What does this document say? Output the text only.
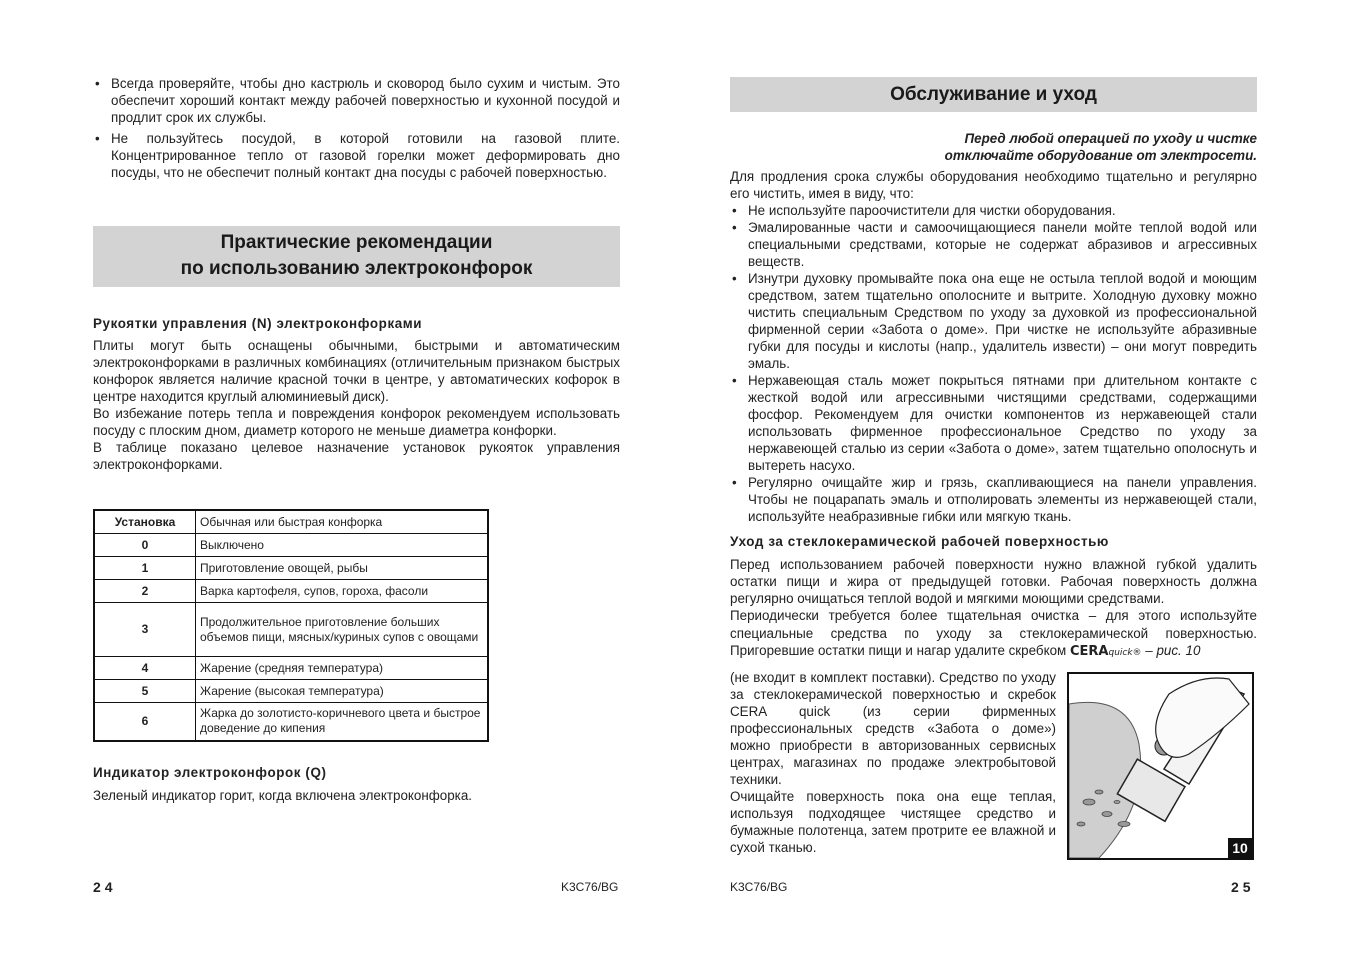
• Всегда проверяйте, чтобы дно кастрюль и сковород было сухим и чистым. Это обеспечит хороший контакт между рабочей поверхностью и кухонной посудой и продлит срок их службы.
• Не пользуйтесь посудой, в которой готовили на газовой плите. Концентрированное тепло от газовой горелки может деформировать дно посуды, что не обеспечит полный контакт дна посуды с рабочей поверхностью.
Практические рекомендации
по использованию электроконфорок
Рукоятки управления (N) электроконфорками

Плиты могут быть оснащены обычными, быстрыми и автоматическим электроконфорками в различных комбинациях (отличительным признаком быстрых конфорок является наличие красной точки в центре, у автоматических кофорок в центре находится круглый алюминиевый диск).

Во избежание потерь тепла и повреждения конфорок рекомендуем использовать посуду с плоским дном, диаметр которого не меньше диаметра конфорки.

В таблице показано целевое назначение установок рукояток управления электроконфорками.

Установка	Обычная или быстрая конфорка
0	Выключено
1	Приготовление овощей, рыбы
2	Варка картофеля, супов, гороха, фасоли
3	Продолжительное приготовление больших объемов пищи, мясных/куриных супов с овощами
4	Жарение (средняя температура)
5	Жарение (высокая температура)
6	Жарка до золотисто-коричневого цвета и быстрое доведение до кипения
Индикатор электроконфорок (Q)

Зеленый индикатор горит, когда включена электроконфорка.

24	K3C76/BG
Обслуживание и уход
Перед любой операцией по уходу и чистке
отключайте оборудование от электросети.

Для продления срока службы оборудования необходимо тщательно и регулярно его чистить, имея в виду, что:

• Не используйте пароочистители для чистки оборудования.
• Эмалированные части и самоочищающиеся панели мойте теплой водой или специальными средствами, которые не содержат абразивов и агрессивных веществ.
• Изнутри духовку промывайте пока она еще не остыла теплой водой и моющим средством, затем тщательно ополосните и вытрите. Холодную духовку можно чистить специальным Средством по уходу за духовкой из профессиональной фирменной серии «Забота о доме». При чистке не используйте абразивные губки для посуды и кислоты (напр., удалитель извести) – они могут повредить эмаль.
• Нержавеющая сталь может покрыться пятнами при длительном контакте с жесткой водой или агрессивными чистящими средствами, содержащими фосфор. Рекомендуем для очистки компонентов из нержавеющей стали использовать фирменное профессиональное Средство по уходу за нержавеющей сталью из серии «Забота о доме», затем тщательно ополоснуть и вытереть насухо.
• Регулярно очищайте жир и грязь, скапливающиеся на панели управления. Чтобы не поцарапать эмаль и отполировать элементы из нержавеющей стали, используйте неабразивные гибки или мягкую ткань.
Уход за стеклокерамической рабочей поверхностью

Перед использованием рабочей поверхности нужно влажной губкой удалить остатки пищи и жира от предыдущей готовки. Рабочая поверхность должна регулярно очищаться теплой водой и мягкими моющими средствами.

Периодически требуется более тщательная очистка – для этого используйте специальные средства по уходу за стеклокерамической поверхностью. Пригоревшие остатки пищи и нагар удалите скребком CERAquick® – рис. 10

(не входит в комплект поставки). Средство по уходу за стеклокерамической поверхностью и скребок CERA quick (из серии фирменных профессиональных средств «Забота о доме») можно приобрести в авторизованных сервисных центрах, магазинах по продаже электробытовой техники.

Очищайте поверхность пока она еще теплая, используя подходящее чистящее средство и бумажные полотенца, затем протрите ее влажной и сухой тканью.	10
K3C76/BG	25
